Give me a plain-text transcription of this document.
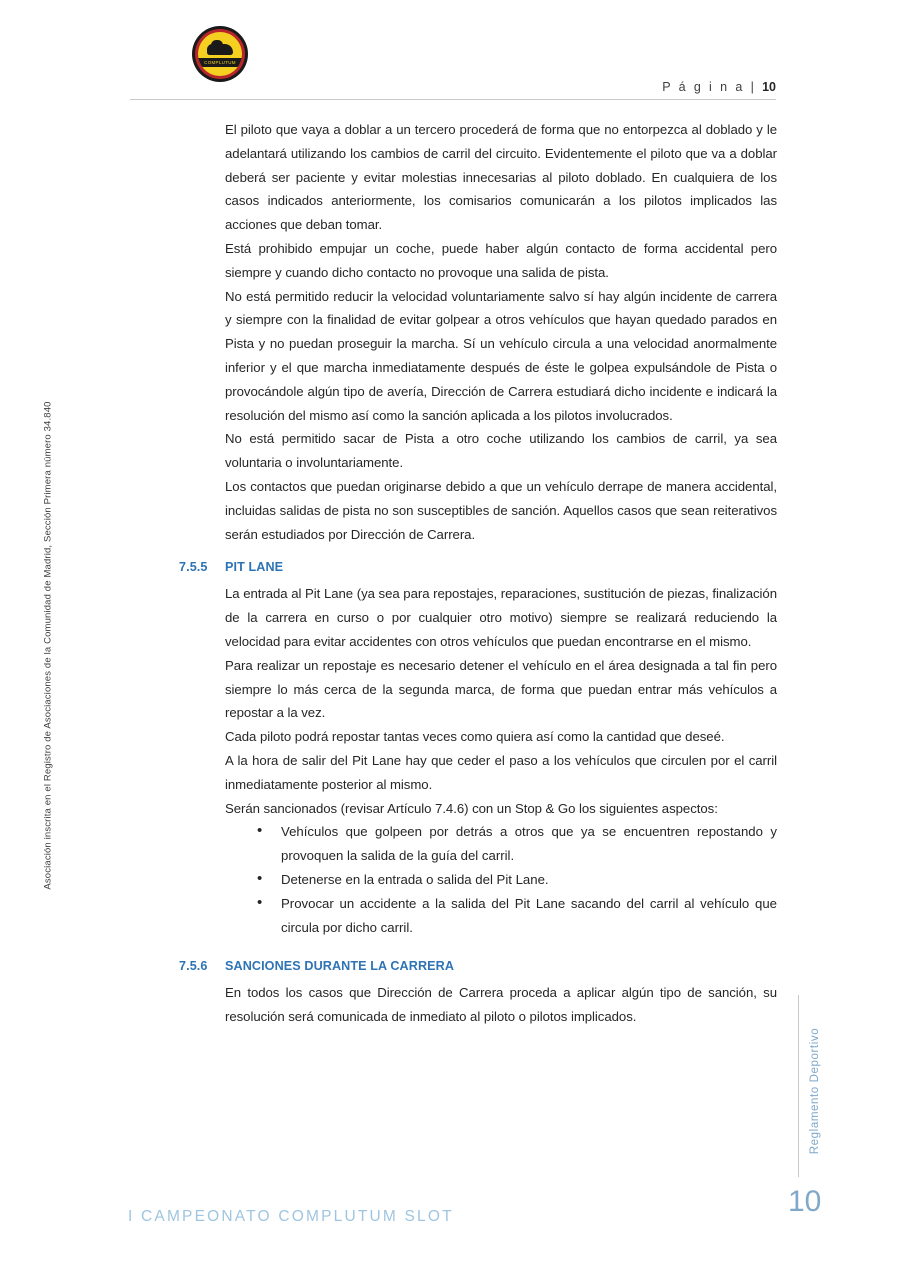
COMPLUTUM
P á g i n a | 10
Asociación inscrita en el Registro de Asociaciones de la Comunidad de Madrid, Sección Primera número 34.840
Reglamento Deportivo

El piloto que vaya a doblar a un tercero procederá de forma que no entorpezca al doblado y le adelantará utilizando los cambios de carril del circuito. Evidentemente el piloto que va a doblar deberá ser paciente y evitar molestias innecesarias al piloto doblado. En cualquiera de los casos indicados anteriormente, los comisarios comunicarán a los pilotos implicados las acciones que deban tomar.

Está prohibido empujar un coche, puede haber algún contacto de forma accidental pero siempre y cuando dicho contacto no provoque una salida de pista.

No está permitido reducir la velocidad voluntariamente salvo sí hay algún incidente de carrera y siempre con la finalidad de evitar golpear a otros vehículos que hayan quedado parados en Pista y no puedan proseguir la marcha. Sí un vehículo circula a una velocidad anormalmente inferior y el que marcha inmediatamente después de éste le golpea expulsándole de Pista o provocándole algún tipo de avería, Dirección de Carrera estudiará dicho incidente e indicará la resolución del mismo así como la sanción aplicada a los pilotos involucrados.

No está permitido sacar de Pista a otro coche utilizando los cambios de carril, ya sea voluntaria o involuntariamente.

Los contactos que puedan originarse debido a que un vehículo derrape de manera accidental, incluidas salidas de pista no son susceptibles de sanción. Aquellos casos que sean reiterativos serán estudiados por Dirección de Carrera.

7.5.5 PIT LANE

La entrada al Pit Lane (ya sea para repostajes, reparaciones, sustitución de piezas, finalización de la carrera en curso o por cualquier otro motivo) siempre se realizará reduciendo la velocidad para evitar accidentes con otros vehículos que puedan encontrarse en el mismo.

Para realizar un repostaje es necesario detener el vehículo en el área designada a tal fin pero siempre lo más cerca de la segunda marca, de forma que puedan entrar más vehículos a repostar a la vez.

Cada piloto podrá repostar tantas veces como quiera así como la cantidad que deseé.

A la hora de salir del Pit Lane hay que ceder el paso a los vehículos que circulen por el carril inmediatamente posterior al mismo.

Serán sancionados (revisar Artículo 7.4.6) con un Stop & Go los siguientes aspectos:

• Vehículos que golpeen por detrás a otros que ya se encuentren repostando y provoquen la salida de la guía del carril.
• Detenerse en la entrada o salida del Pit Lane.
• Provocar un accidente a la salida del Pit Lane sacando del carril al vehículo que circula por dicho carril.
7.5.6 SANCIONES DURANTE LA CARRERA

En todos los casos que Dirección de Carrera proceda a aplicar algún tipo de sanción, su resolución será comunicada de inmediato al piloto o pilotos implicados.

I CAMPEONATO COMPLUTUM SLOT	10
